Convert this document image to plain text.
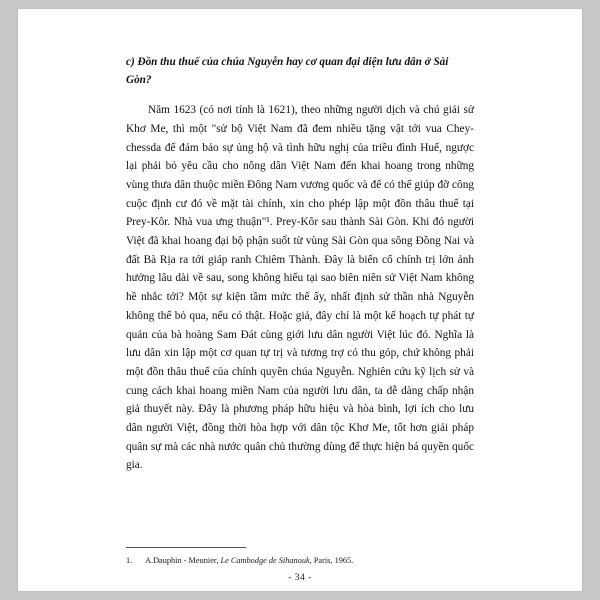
c) Đồn thu thuế của chúa Nguyễn hay cơ quan đại diện lưu dân ở Sài Gòn?

Năm 1623 (có nơi tính là 1621), theo những người dịch và chú giải sử Khơ Me, thì một "sử bộ Việt Nam đã đem nhiều tặng vật tới vua Chey-chessda để đảm bảo sự ủng hộ và tình hữu nghị của triều đình Huế, ngược lại phải bỏ yêu cầu cho nông dân Việt Nam đến khai hoang trong những vùng thưa dân thuộc miền Đông Nam vương quốc và để có thể giúp đỡ công cuộc định cư đó về mặt tài chính, xin cho phép lập một đồn thâu thuế tại Prey-Kôr. Nhà vua ưng thuận"¹. Prey-Kôr sau thành Sài Gòn. Khi đó người Việt đã khai hoang đại bộ phận suốt từ vùng Sài Gòn qua sông Đồng Nai và đất Bà Rịa ra tới giáp ranh Chiêm Thành. Đây là biến cố chính trị lớn ảnh hưởng lâu dài về sau, song không hiểu tại sao biên niên sử Việt Nam không hề nhắc tới? Một sự kiện tầm mức thế ấy, nhất định sử thần nhà Nguyễn không thể bỏ qua, nếu có thật. Hoặc giả, đây chỉ là một kế hoạch tự phát tự quản của bà hoàng Sam Đát cùng giới lưu dân người Việt lúc đó. Nghĩa là lưu dân xin lập một cơ quan tự trị và tương trợ có thu góp, chứ không phải một đồn thâu thuế của chính quyền chúa Nguyễn. Nghiên cứu kỹ lịch sử và cung cách khai hoang miền Nam của người lưu dân, ta dễ dàng chấp nhận giả thuyết này. Đây là phương pháp hữu hiệu và hòa bình, lợi ích cho lưu dân người Việt, đồng thời hòa hợp với dân tộc Khơ Me, tốt hơn giải pháp quân sự mà các nhà nước quân chủ thường dùng để thực hiện bá quyền quốc gia.

1.	A.Dauphin - Meunier, Le Cambodge de Sihanouk, Paris, 1965.
- 34 -
